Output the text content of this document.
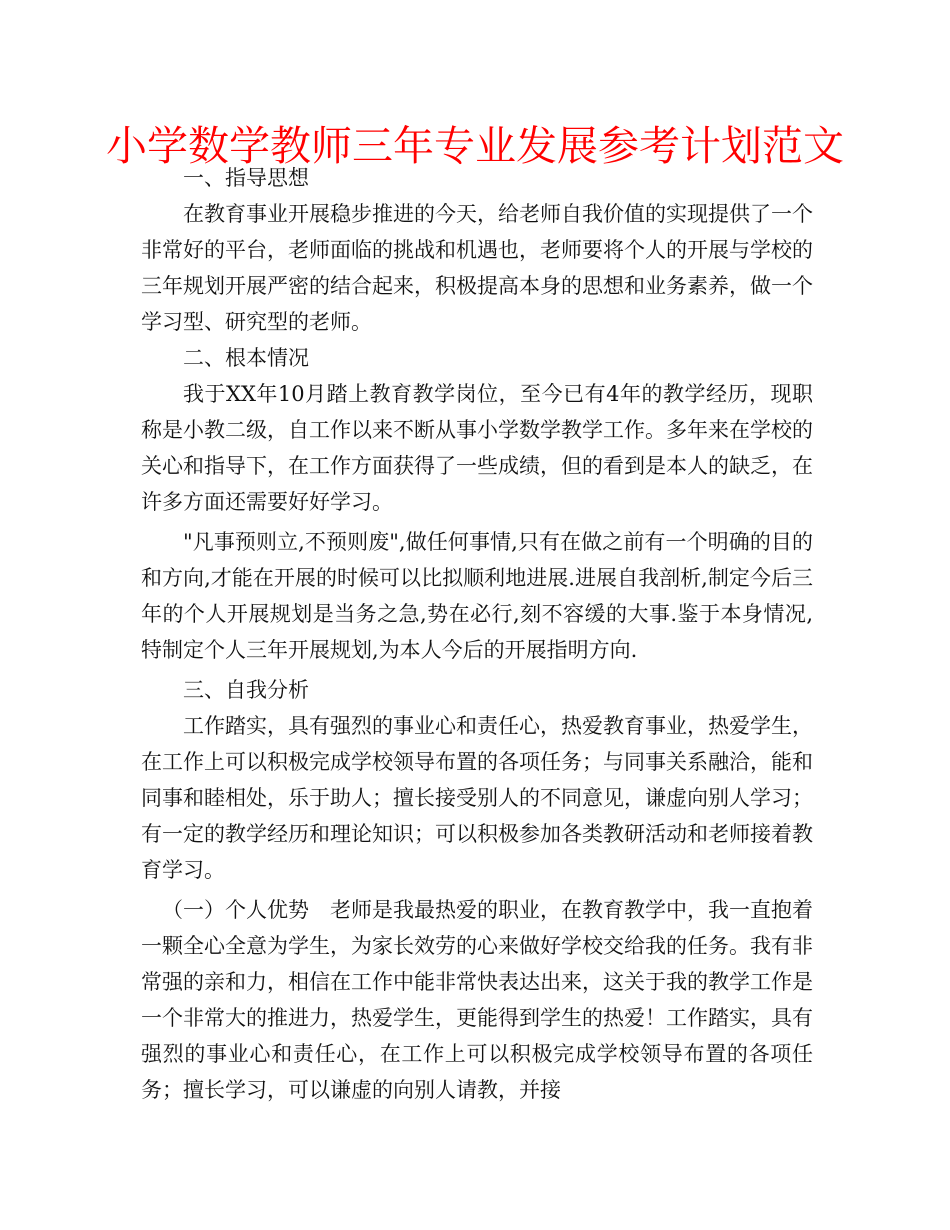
小学数学教师三年专业发展参考计划范文

一、指导思想

在教育事业开展稳步推进的今天，给老师自我价值的实现提供了一个非常好的平台，老师面临的挑战和机遇也，老师要将个人的开展与学校的三年规划开展严密的结合起来，积极提高本身的思想和业务素养，做一个学习型、研究型的老师。

二、根本情况

我于XX年10月踏上教育教学岗位，至今已有4年的教学经历，现职称是小教二级，自工作以来不断从事小学数学教学工作。多年来在学校的关心和指导下，在工作方面获得了一些成绩，但的看到是本人的缺乏，在许多方面还需要好好学习。

"凡事预则立,不预则废",做任何事情,只有在做之前有一个明确的目的和方向,才能在开展的时候可以比拟顺利地进展.进展自我剖析,制定今后三年的个人开展规划是当务之急,势在必行,刻不容缓的大事.鉴于本身情况,特制定个人三年开展规划,为本人今后的开展指明方向.

三、自我分析

工作踏实，具有强烈的事业心和责任心，热爱教育事业，热爱学生，在工作上可以积极完成学校领导布置的各项任务；与同事关系融洽，能和同事和睦相处，乐于助人；擅长接受别人的不同意见，谦虚向别人学习；有一定的教学经历和理论知识；可以积极参加各类教研活动和老师接着教育学习。

（一）个人优势　老师是我最热爱的职业，在教育教学中，我一直抱着一颗全心全意为学生，为家长效劳的心来做好学校交给我的任务。我有非常强的亲和力，相信在工作中能非常快表达出来，这关于我的教学工作是一个非常大的推进力，热爱学生，更能得到学生的热爱！工作踏实，具有强烈的事业心和责任心，在工作上可以积极完成学校领导布置的各项任务；擅长学习，可以谦虚的向别人请教，并接
